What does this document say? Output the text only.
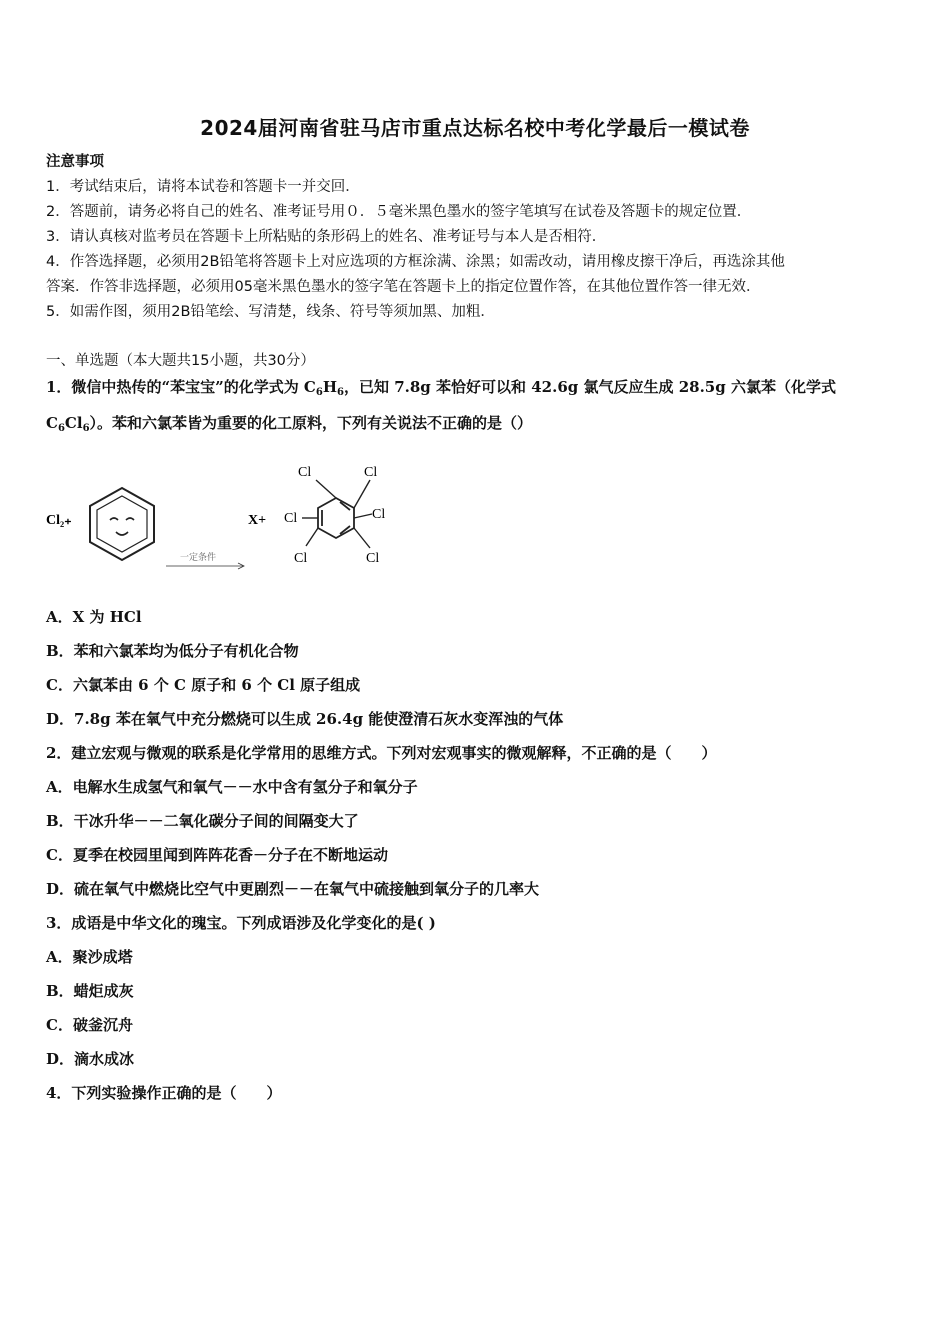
2024届河南省驻马店市重点达标名校中考化学最后一模试卷
注意事项
1．考试结束后，请将本试卷和答题卡一并交回．
2．答题前，请务必将自己的姓名、准考证号用０．５毫米黑色墨水的签字笔填写在试卷及答题卡的规定位置．
3．请认真核对监考员在答题卡上所粘贴的条形码上的姓名、准考证号与本人是否相符．
4．作答选择题，必须用2B铅笔将答题卡上对应选项的方框涂满、涂黑；如需改动，请用橡皮擦干净后，再选涂其他
答案．作答非选择题，必须用05毫米黑色墨水的签字笔在答题卡上的指定位置作答，在其他位置作答一律无效．
5．如需作图，须用2B铅笔绘、写清楚，线条、符号等须加黑、加粗．
一、单选题（本大题共15小题，共30分）
1．微信中热传的“苯宝宝”的化学式为 $C_6H_6$，已知 7.8g 苯恰好可以和 42.6g 氯气反应生成 28.5g 六氯苯（化学式
$C_6Cl_6$）。苯和六氯苯皆为重要的化工原料，下列有关说法不正确的是（）
Cl₂₊
一定条件
X+
Cl	Cl
Cl	Cl
Cl	Cl
A．X 为 HCl
B．苯和六氯苯均为低分子有机化合物
C．六氯苯由 6 个 C 原子和 6 个 Cl 原子组成
D．7.8g 苯在氧气中充分燃烧可以生成 26.4g 能使澄清石灰水变浑浊的气体
2．建立宏观与微观的联系是化学常用的思维方式。下列对宏观事实的微观解释，不正确的是（　　）
A．电解水生成氢气和氧气－－水中含有氢分子和氧分子
B．干冰升华－－二氧化碳分子间的间隔变大了
C．夏季在校园里闻到阵阵花香－分子在不断地运动
D．硫在氧气中燃烧比空气中更剧烈－－在氧气中硫接触到氧分子的几率大
3．成语是中华文化的瑰宝。下列成语涉及化学变化的是( )
A．聚沙成塔
B．蜡炬成灰
C．破釜沉舟
D．滴水成冰
4．下列实验操作正确的是（　　）
